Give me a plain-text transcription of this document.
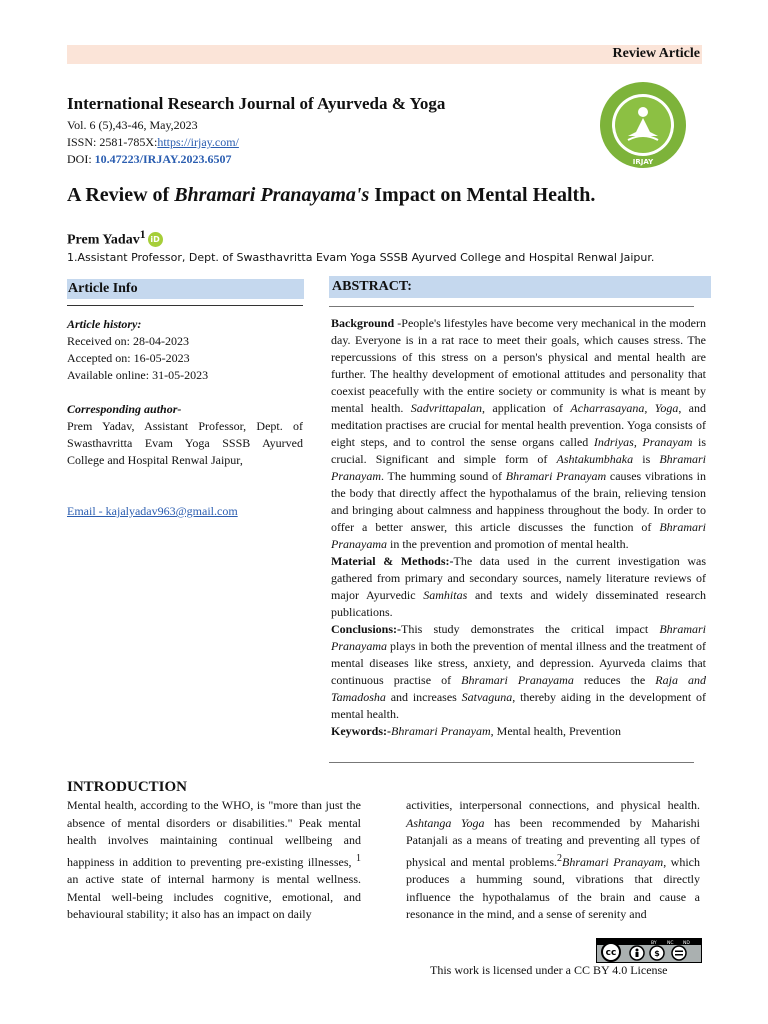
Review Article
International Research Journal of Ayurveda & Yoga
Vol. 6 (5),43-46, May,2023
ISSN: 2581-785X:https://irjay.com/
DOI: 10.47223/IRJAY.2023.6507	IRJAY
A Review of Bhramari Pranayama's Impact on Mental Health.
Prem Yadav$^1$ iD
1.Assistant Professor, Dept. of Swasthavritta Evam Yoga SSSB Ayurved College and Hospital Renwal Jaipur.
Article Info	ABSTRACT:
Article history:
Received on: 28-04-2023
Accepted on: 16-05-2023
Available online: 31-05-2023
Corresponding author-
Prem Yadav, Assistant Professor, Dept. of Swasthavritta Evam Yoga SSSB Ayurved College and Hospital Renwal Jaipur,
Email - kajalyadav963@gmail.com

Background -People's lifestyles have become very mechanical in the modern day. Everyone is in a rat race to meet their goals, which causes stress. The repercussions of this stress on a person's physical and mental health are further. The healthy development of emotional attitudes and personality that coexist peacefully with the entire society or community is what is meant by mental health. Sadvrittapalan, application of Acharrasayana, Yoga, and meditation practises are crucial for mental health prevention. Yoga consists of eight steps, and to control the sense organs called Indriyas, Pranayam is crucial. Significant and simple form of Ashtakumbhaka is Bhramari Pranayam. The humming sound of Bhramari Pranayam causes vibrations in the body that directly affect the hypothalamus of the brain, relieving tension and bringing about calmness and happiness throughout the body. In order to offer a better answer, this article discusses the function of Bhramari Pranayama in the prevention and promotion of mental health.

Material & Methods:-The data used in the current investigation was gathered from primary and secondary sources, namely literature reviews of major Ayurvedic Samhitas and texts and widely disseminated research publications.

Conclusions:-This study demonstrates the critical impact Bhramari Pranayama plays in both the prevention of mental illness and the treatment of mental diseases like stress, anxiety, and depression. Ayurveda claims that continuous practise of Bhramari Pranayama reduces the Raja and Tamadosha and increases Satvaguna, thereby aiding in the development of mental health.

Keywords:-Bhramari Pranayam, Mental health, Prevention

INTRODUCTION
Mental health, according to the WHO, is "more than just the absence of mental disorders or disabilities." Peak mental health involves maintaining continual wellbeing and happiness in addition to preventing pre-existing illnesses, $^1$ an active state of internal harmony is mental wellness. Mental well-being includes cognitive, emotional, and behavioural stability; it also has an impact on daily
activities, interpersonal connections, and physical health. Ashtanga Yoga has been recommended by Maharishi Patanjali as a means of treating and preventing all types of physical and mental problems.$^2$Bhramari Pranayam, which produces a humming sound, vibrations that directly influence the hypothalamus of the brain and cause a resonance in the mind, and a sense of serenity and
BY NC ND
cc	$
This work is licensed under a CC BY 4.0 License
